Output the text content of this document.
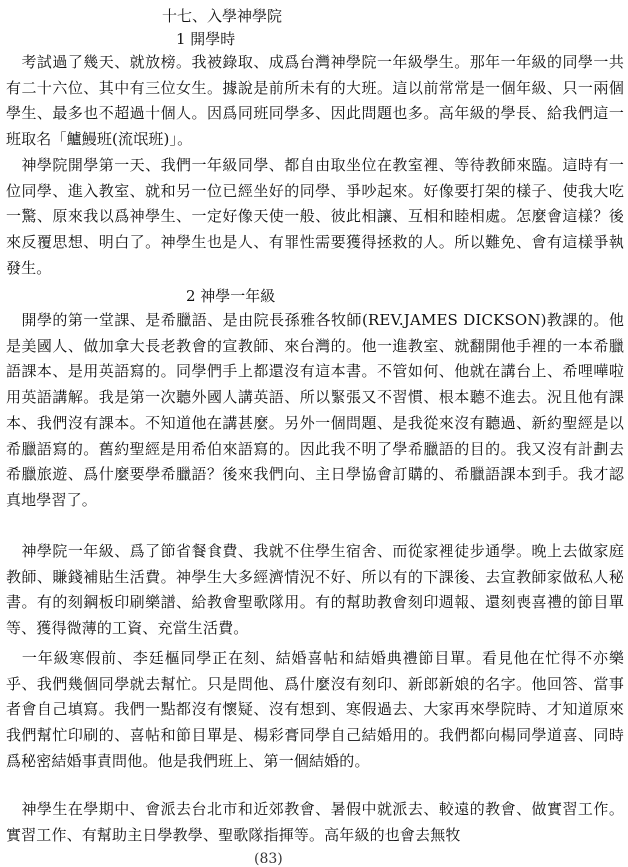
十七、入學神學院
1 開學時
　考試過了幾天、就放榜。我被錄取、成爲台灣神學院一年級學生。那年一年級的同學一共有二十六位、其中有三位女生。據說是前所未有的大班。這以前常常是一個年級、只一兩個學生、最多也不超過十個人。因爲同班同學多、因此問題也多。高年級的學長、給我們這一班取名「鱸鰻班(流氓班)」。
　神學院開學第一天、我們一年級同學、都自由取坐位在教室裡、等待教師來臨。這時有一位同學、進入教室、就和另一位已經坐好的同學、爭吵起來。好像要打架的樣子、使我大吃一驚、原來我以爲神學生、一定好像天使一般、彼此相讓、互相和睦相處。怎麼會這樣？後來反覆思想、明白了。神學生也是人、有罪性需要獲得拯救的人。所以難免、會有這樣爭執發生。
2 神學一年級
　開學的第一堂課、是希臘語、是由院長孫雅各牧師(REV.JAMES DICKSON)教課的。他是美國人、做加拿大長老教會的宣教師、來台灣的。他一進教室、就翻開他手裡的一本希臘語課本、是用英語寫的。同學們手上都還沒有這本書。不管如何、他就在講台上、希哩嘩啦用英語講解。我是第一次聽外國人講英語、所以緊張又不習慣、根本聽不進去。況且他有課本、我們沒有課本。不知道他在講甚麼。另外一個問題、是我從來沒有聽過、新約聖經是以希臘語寫的。舊約聖經是用希伯來語寫的。因此我不明了學希臘語的目的。我又沒有計劃去希臘旅遊、爲什麼要學希臘語？後來我們向、主日學協會訂購的、希臘語課本到手。我才認真地學習了。
　神學院一年級、爲了節省餐食費、我就不住學生宿舍、而從家裡徒步通學。晚上去做家庭教師、賺錢補貼生活費。神學生大多經濟情況不好、所以有的下課後、去宣教師家做私人秘書。有的刻鋼板印刷樂譜、給教會聖歌隊用。有的幫助教會刻印週報、還刻喪喜禮的節目單等、獲得微薄的工資、充當生活費。
　一年級寒假前、李廷樞同學正在刻、結婚喜帖和結婚典禮節目單。看見他在忙得不亦樂乎、我們幾個同學就去幫忙。只是問他、爲什麼沒有刻印、新郎新娘的名字。他回答、當事者會自己填寫。我們一點都沒有懷疑、沒有想到、寒假過去、大家再來學院時、才知道原來我們幫忙印刷的、喜帖和節目單是、楊彩膏同學自己結婚用的。我們都向楊同學道喜、同時爲秘密結婚事責問他。他是我們班上、第一個結婚的。
　神學生在學期中、會派去台北市和近郊教會、暑假中就派去、較遠的教會、做實習工作。實習工作、有幫助主日學教學、聖歌隊指揮等。高年級的也會去無牧
(83)
